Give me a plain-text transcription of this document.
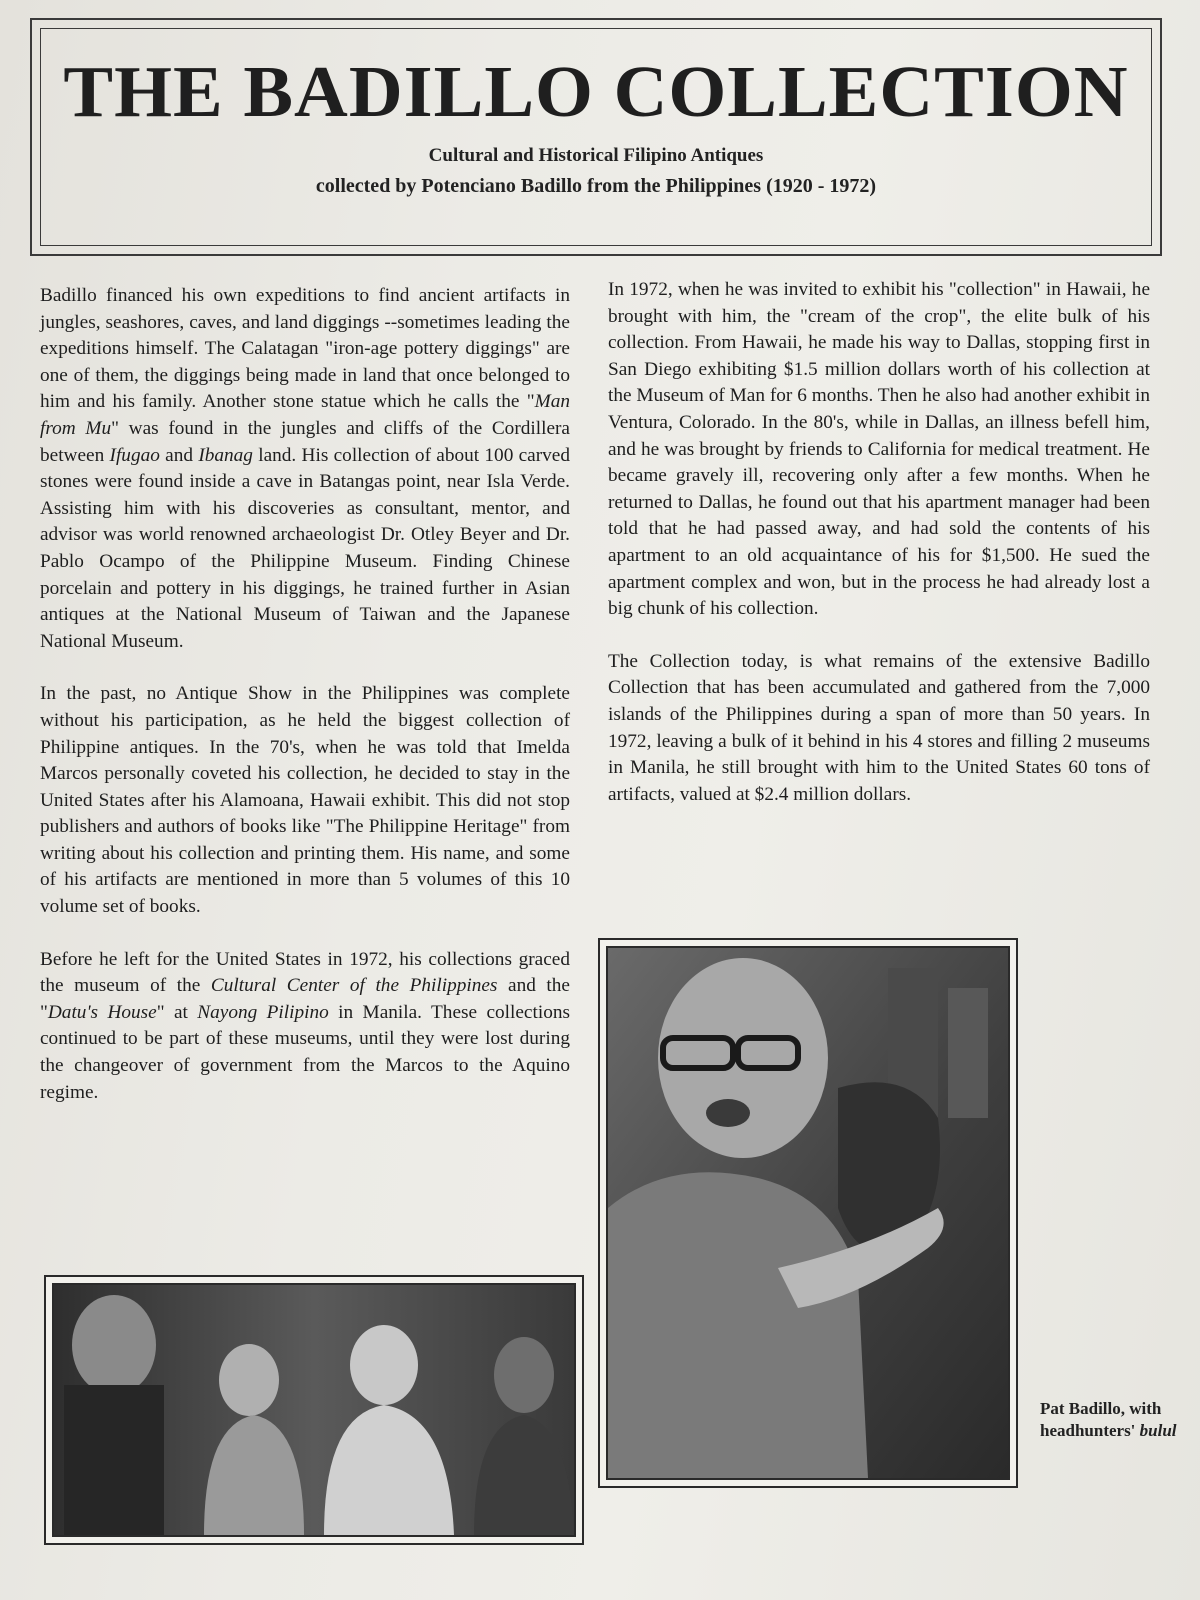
THE BADILLO COLLECTION
Cultural and Historical Filipino Antiques
collected by Potenciano Badillo from the Philippines (1920 - 1972)

Badillo financed his own expeditions to find ancient artifacts in jungles, seashores, caves, and land diggings --sometimes leading the expeditions himself. The Calatagan "iron-age pottery diggings" are one of them, the diggings being made in land that once belonged to him and his family. Another stone statue which he calls the "Man from Mu" was found in the jungles and cliffs of the Cordillera between Ifugao and Ibanag land. His collection of about 100 carved stones were found inside a cave in Batangas point, near Isla Verde. Assisting him with his discoveries as consultant, mentor, and advisor was world renowned archaeologist Dr. Otley Beyer and Dr. Pablo Ocampo of the Philippine Museum. Finding Chinese porcelain and pottery in his diggings, he trained further in Asian antiques at the National Museum of Taiwan and the Japanese National Museum.

In the past, no Antique Show in the Philippines was complete without his participation, as he held the biggest collection of Philippine antiques. In the 70's, when he was told that Imelda Marcos personally coveted his collection, he decided to stay in the United States after his Alamoana, Hawaii exhibit. This did not stop publishers and authors of books like "The Philippine Heritage" from writing about his collection and printing them. His name, and some of his artifacts are mentioned in more than 5 volumes of this 10 volume set of books.

Before he left for the United States in 1972, his collections graced the museum of the Cultural Center of the Philippines and the "Datu's House" at Nayong Pilipino in Manila. These collections continued to be part of these museums, until they were lost during the changeover of government from the Marcos to the Aquino regime.

In 1972, when he was invited to exhibit his "collection" in Hawaii, he brought with him, the "cream of the crop", the elite bulk of his collection. From Hawaii, he made his way to Dallas, stopping first in San Diego exhibiting $1.5 million dollars worth of his collection at the Museum of Man for 6 months. Then he also had another exhibit in Ventura, Colorado. In the 80's, while in Dallas, an illness befell him, and he was brought by friends to California for medical treatment. He became gravely ill, recovering only after a few months. When he returned to Dallas, he found out that his apartment manager had been told that he had passed away, and had sold the contents of his apartment to an old acquaintance of his for $1,500. He sued the apartment complex and won, but in the process he had already lost a big chunk of his collection.

The Collection today, is what remains of the extensive Badillo Collection that has been accumulated and gathered from the 7,000 islands of the Philippines during a span of more than 50 years. In 1972, leaving a bulk of it behind in his 4 stores and filling 2 museums in Manila, he still brought with him to the United States 60 tons of artifacts, valued at $2.4 million dollars.

Pat Badillo, with headhunters' bulul
